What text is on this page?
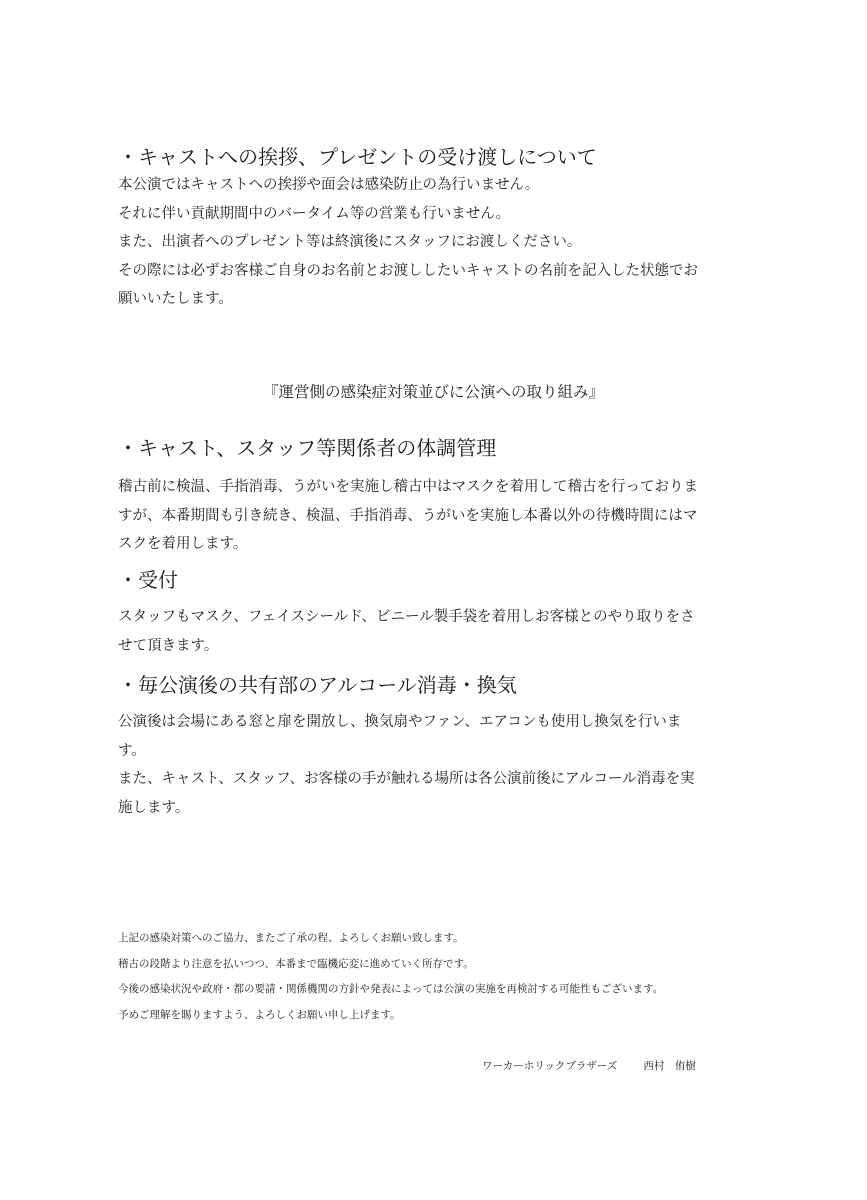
・キャストへの挨拶、プレゼントの受け渡しについて
本公演ではキャストへの挨拶や面会は感染防止の為行いません。
それに伴い貢献期間中のバータイム等の営業も行いません。
また、出演者へのプレゼント等は終演後にスタッフにお渡しください。
その際には必ずお客様ご自身のお名前とお渡ししたいキャストの名前を記入した状態でお
願いいたします。
『運営側の感染症対策並びに公演への取り組み』
・キャスト、スタッフ等関係者の体調管理
稽古前に検温、手指消毒、うがいを実施し稽古中はマスクを着用して稽古を行っておりま
すが、本番期間も引き続き、検温、手指消毒、うがいを実施し本番以外の待機時間にはマ
スクを着用します。
・受付
スタッフもマスク、フェイスシールド、ビニール製手袋を着用しお客様とのやり取りをさ
せて頂きます。
・毎公演後の共有部のアルコール消毒・換気
公演後は会場にある窓と扉を開放し、換気扇やファン、エアコンも使用し換気を行いま
す。
また、キャスト、スタッフ、お客様の手が触れる場所は各公演前後にアルコール消毒を実
施します。
上記の感染対策へのご協力、またご了承の程、よろしくお願い致します。
稽古の段階より注意を払いつつ、本番まで臨機応変に進めていく所存です。
今後の感染状況や政府・都の要請・関係機関の方針や発表によっては公演の実施を再検討する可能性もございます。
予めご理解を賜りますよう、よろしくお願い申し上げます。
ワーカーホリックブラザーズ 西村　侑樹
